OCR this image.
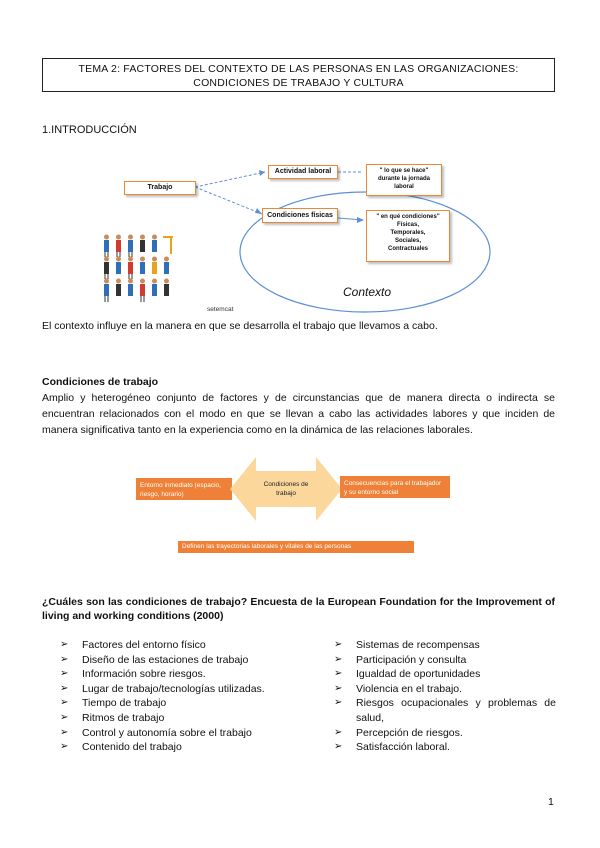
TEMA 2: FACTORES DEL CONTEXTO DE LAS PERSONAS EN LAS ORGANIZACIONES:
CONDICIONES DE TRABAJO Y CULTURA
1.INTRODUCCIÓN
Trabajo
Actividad laboral
Condiciones físicas
" lo que se hace"
durante la jornada
laboral
" en qué condiciones"
Físicas,
Temporales,
Sociales,
Contractuales
Contexto
setemcat
El contexto influye en la manera en que se desarrolla el trabajo que llevamos a cabo.
Condiciones de trabajo
Amplio y heterogéneo conjunto de factores y de circunstancias que de manera directa o indirecta se encuentran relacionados con el modo en que se llevan a cabo las actividades labores y que inciden de manera significativa tanto en la experiencia como en la dinámica de las relaciones laborales.
Entorno inmediato (espacio, riesgo, horario)
Condiciones de trabajo
Consecuencias para el trabajador y su entorno social
Definen las trayectorias laborales y vitales de las personas
¿Cuáles son las condiciones de trabajo? Encuesta de la European Foundation for the Improvement of living and working conditions (2000)
➢ Factores del entorno físico
➢ Diseño de las estaciones de trabajo
➢ Información sobre riesgos.
➢ Lugar de trabajo/tecnologías utilizadas.
➢ Tiempo de trabajo
➢ Ritmos de trabajo
➢ Control y autonomía sobre el trabajo
➢ Contenido del trabajo
➢ Sistemas de recompensas
➢ Participación y consulta
➢ Igualdad de oportunidades
➢ Violencia en el trabajo.
➢ Riesgos ocupacionales y problemas de salud,
➢ Percepción de riesgos.
➢ Satisfacción laboral.
1
